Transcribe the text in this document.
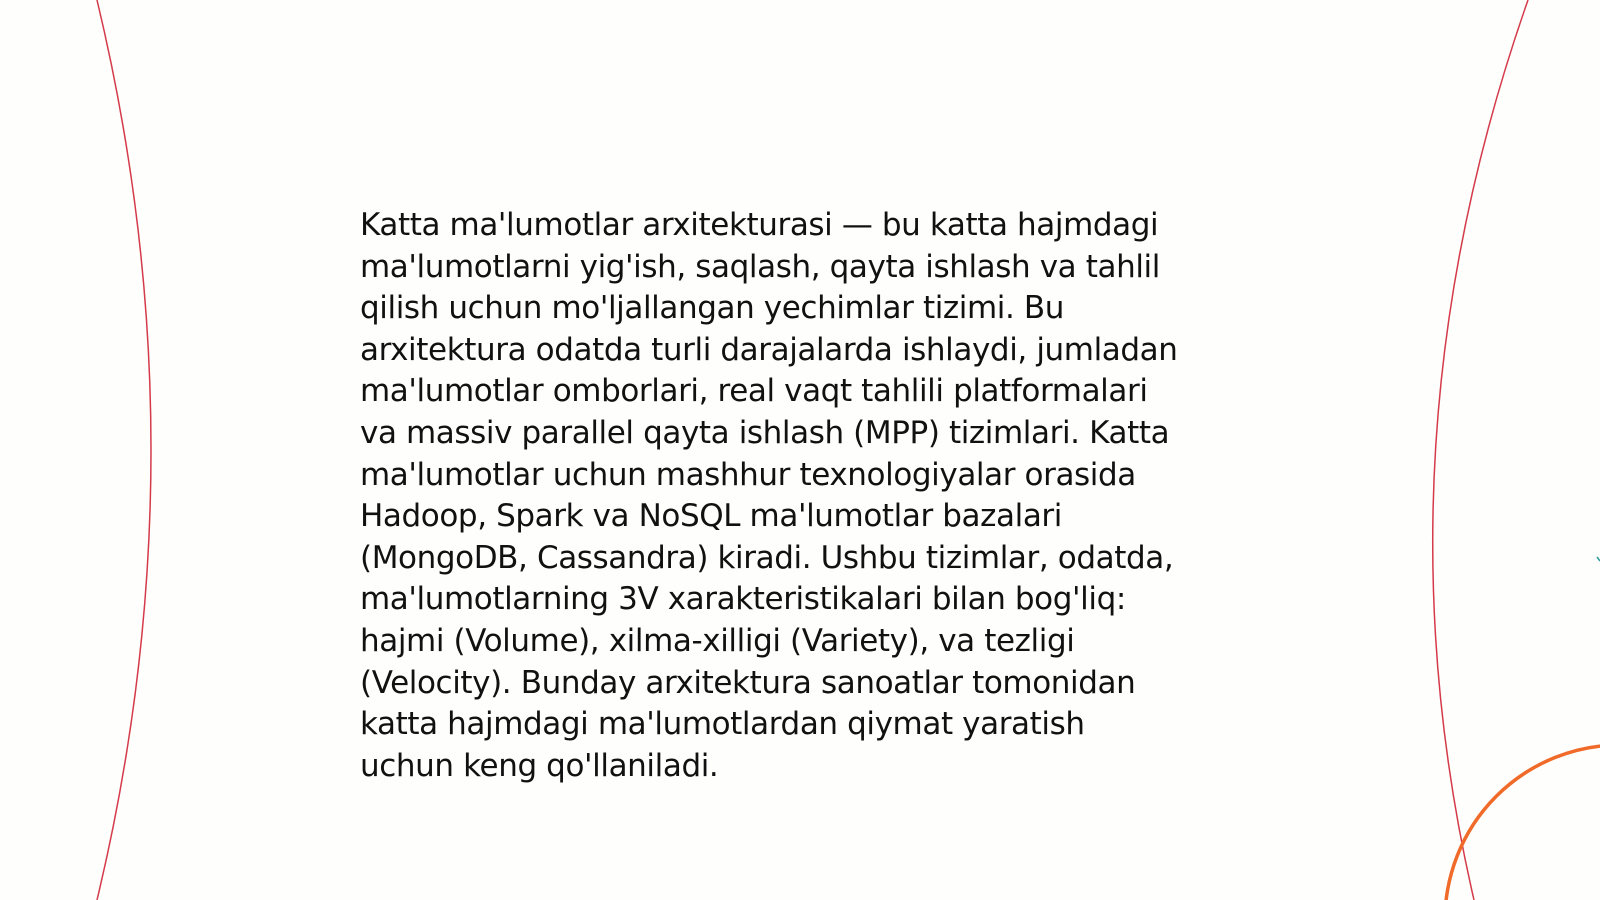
Katta ma'lumotlar arxitekturasi — bu katta hajmdagi
ma'lumotlarni yig'ish, saqlash, qayta ishlash va tahlil
qilish uchun mo'ljallangan yechimlar tizimi. Bu
arxitektura odatda turli darajalarda ishlaydi, jumladan
ma'lumotlar omborlari, real vaqt tahlili platformalari
va massiv parallel qayta ishlash (MPP) tizimlari. Katta
ma'lumotlar uchun mashhur texnologiyalar orasida
Hadoop, Spark va NoSQL ma'lumotlar bazalari
(MongoDB, Cassandra) kiradi. Ushbu tizimlar, odatda,
ma'lumotlarning 3V xarakteristikalari bilan bog'liq:
hajmi (Volume), xilma-xilligi (Variety), va tezligi
(Velocity). Bunday arxitektura sanoatlar tomonidan
katta hajmdagi ma'lumotlardan qiymat yaratish
uchun keng qo'llaniladi.
